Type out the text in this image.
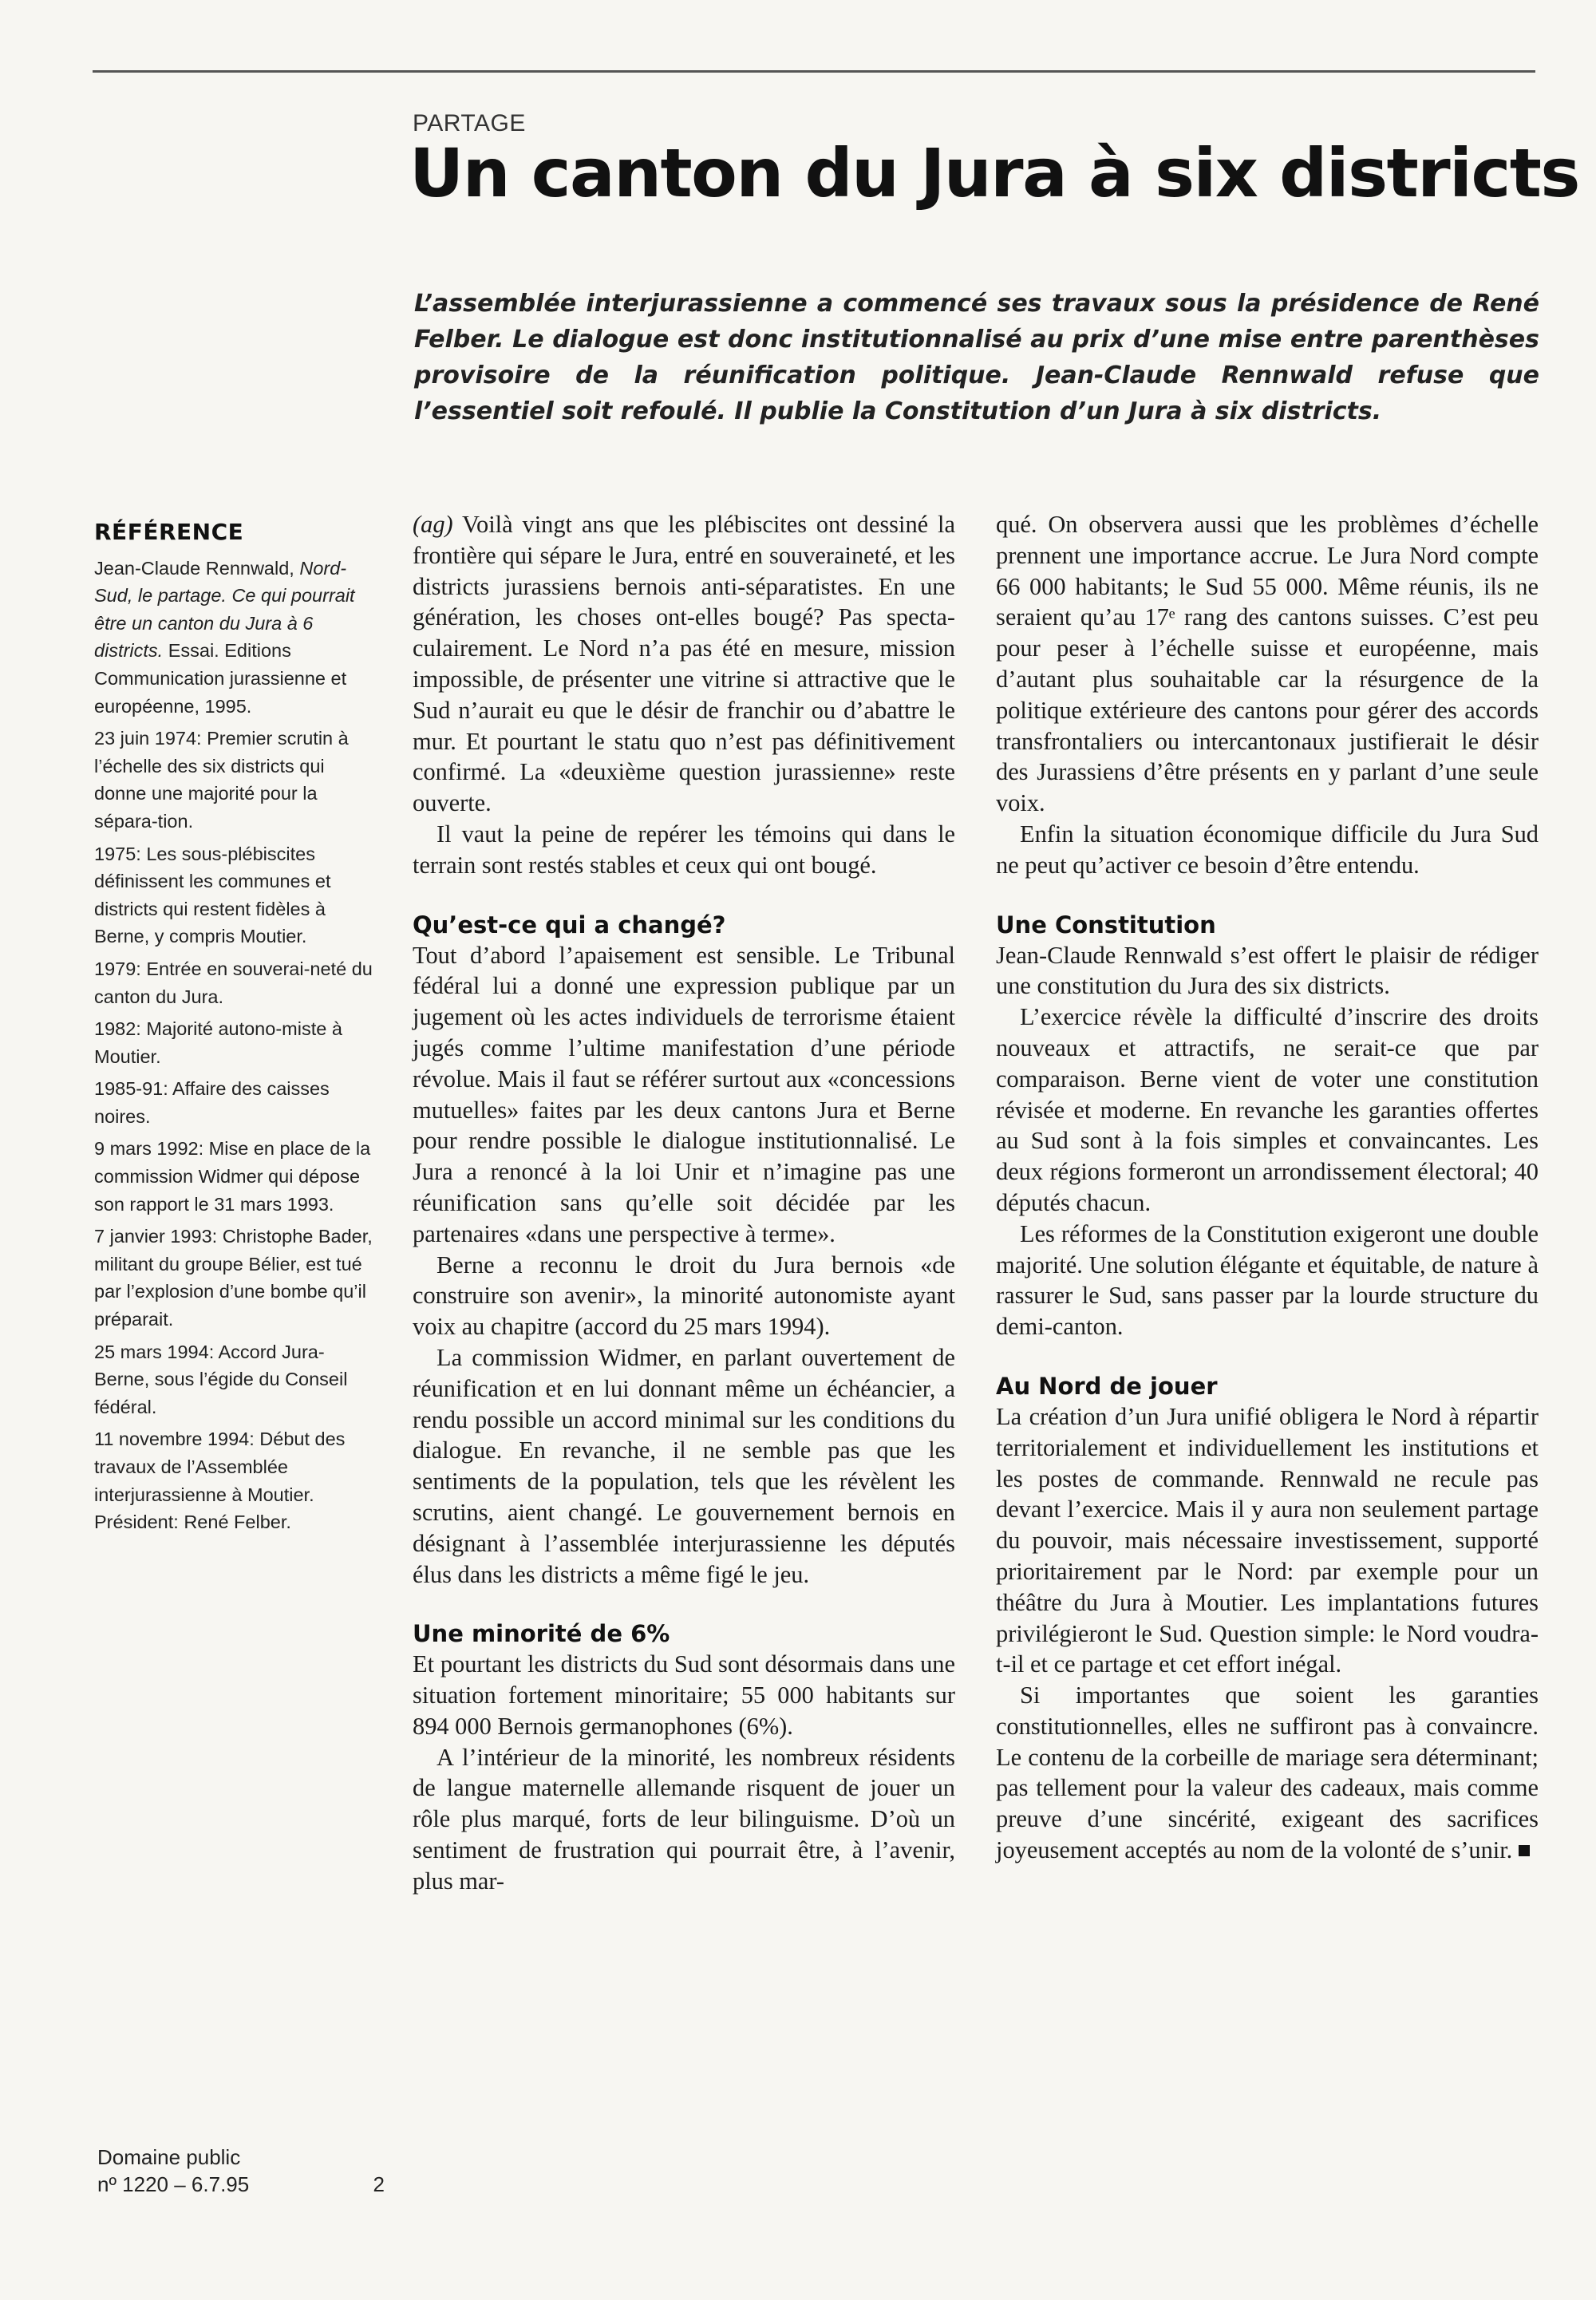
PARTAGE
Un canton du Jura à six districts

L’assemblée interjurassienne a commencé ses travaux sous la présidence de René Felber. Le dialogue est donc institutionnalisé au prix d’une mise entre parenthèses provisoire de la réunification politique. Jean-Claude Rennwald refuse que l’essentiel soit refoulé. Il publie la Constitution d’un Jura à six districts.

RÉFÉRENCE

Jean-Claude Rennwald, Nord-Sud, le partage. Ce qui pourrait être un canton du Jura à 6 districts. Essai. Editions Communication jurassienne et européenne, 1995.

23 juin 1974: Premier scrutin à l’échelle des six districts qui donne une majorité pour la sépara-tion.

1975: Les sous-plébiscites définissent les communes et districts qui restent fidèles à Berne, y compris Moutier.

1979: Entrée en souverai-neté du canton du Jura.

1982: Majorité autono-miste à Moutier.

1985-91: Affaire des caisses noires.

9 mars 1992: Mise en place de la commission Widmer qui dépose son rapport le 31 mars 1993.

7 janvier 1993: Christophe Bader, militant du groupe Bélier, est tué par l’explosion d’une bombe qu’il préparait.

25 mars 1994: Accord Jura-Berne, sous l’égide du Conseil fédéral.

11 novembre 1994: Début des travaux de l’Assemblée interjurassienne à Moutier. Président: René Felber.

Domaine public
nº 1220 – 6.7.95	2

(ag) Voilà vingt ans que les plébiscites ont dessiné la frontière qui sépare le Jura, entré en souveraineté, et les districts jurassiens bernois anti-séparatistes. En une génération, les choses ont-elles bougé? Pas specta-culairement. Le Nord n’a pas été en mesure, mission impossible, de présenter une vitrine si attractive que le Sud n’aurait eu que le désir de franchir ou d’abattre le mur. Et pourtant le statu quo n’est pas définitivement confirmé. La «deuxième question jurassienne» reste ouverte.

Il vaut la peine de repérer les témoins qui dans le terrain sont restés stables et ceux qui ont bougé.

Qu’est-ce qui a changé?

Tout d’abord l’apaisement est sensible. Le Tribunal fédéral lui a donné une expression publique par un jugement où les actes individuels de terrorisme étaient jugés comme l’ultime manifestation d’une période révolue. Mais il faut se référer surtout aux «concessions mutuelles» faites par les deux cantons Jura et Berne pour rendre possible le dialogue institutionnalisé. Le Jura a renoncé à la loi Unir et n’imagine pas une réunification sans qu’elle soit décidée par les partenaires «dans une perspective à terme».

Berne a reconnu le droit du Jura bernois «de construire son avenir», la minorité autonomiste ayant voix au chapitre (accord du 25 mars 1994).

La commission Widmer, en parlant ouvertement de réunification et en lui donnant même un échéancier, a rendu possible un accord minimal sur les conditions du dialogue. En revanche, il ne semble pas que les sentiments de la population, tels que les révèlent les scrutins, aient changé. Le gouvernement bernois en désignant à l’assemblée interjurassienne les députés élus dans les districts a même figé le jeu.

Une minorité de 6%

Et pourtant les districts du Sud sont désormais dans une situation fortement minoritaire; 55 000 habitants sur 894 000 Bernois germanophones (6%).

A l’intérieur de la minorité, les nombreux résidents de langue maternelle allemande risquent de jouer un rôle plus marqué, forts de leur bilinguisme. D’où un sentiment de frustration qui pourrait être, à l’avenir, plus mar-

qué. On observera aussi que les problèmes d’échelle prennent une importance accrue. Le Jura Nord compte 66 000 habitants; le Sud 55 000. Même réunis, ils ne seraient qu’au 17ᵉ rang des cantons suisses. C’est peu pour peser à l’échelle suisse et européenne, mais d’autant plus souhaitable car la résurgence de la politique extérieure des cantons pour gérer des accords transfrontaliers ou intercantonaux justifierait le désir des Jurassiens d’être présents en y parlant d’une seule voix.

Enfin la situation économique difficile du Jura Sud ne peut qu’activer ce besoin d’être entendu.

Une Constitution

Jean-Claude Rennwald s’est offert le plaisir de rédiger une constitution du Jura des six districts.

L’exercice révèle la difficulté d’inscrire des droits nouveaux et attractifs, ne serait-ce que par comparaison. Berne vient de voter une constitution révisée et moderne. En revanche les garanties offertes au Sud sont à la fois simples et convaincantes. Les deux régions formeront un arrondissement électoral; 40 députés chacun.

Les réformes de la Constitution exigeront une double majorité. Une solution élégante et équitable, de nature à rassurer le Sud, sans passer par la lourde structure du demi-canton.

Au Nord de jouer

La création d’un Jura unifié obligera le Nord à répartir territorialement et individuellement les institutions et les postes de commande. Rennwald ne recule pas devant l’exercice. Mais il y aura non seulement partage du pouvoir, mais nécessaire investissement, supporté prioritairement par le Nord: par exemple pour un théâtre du Jura à Moutier. Les implantations futures privilégieront le Sud. Question simple: le Nord voudra-t-il et ce partage et cet effort inégal.

Si importantes que soient les garanties constitutionnelles, elles ne suffiront pas à convaincre. Le contenu de la corbeille de mariage sera déterminant; pas tellement pour la valeur des cadeaux, mais comme preuve d’une sincérité, exigeant des sacrifices joyeusement acceptés au nom de la volonté de s’unir.
